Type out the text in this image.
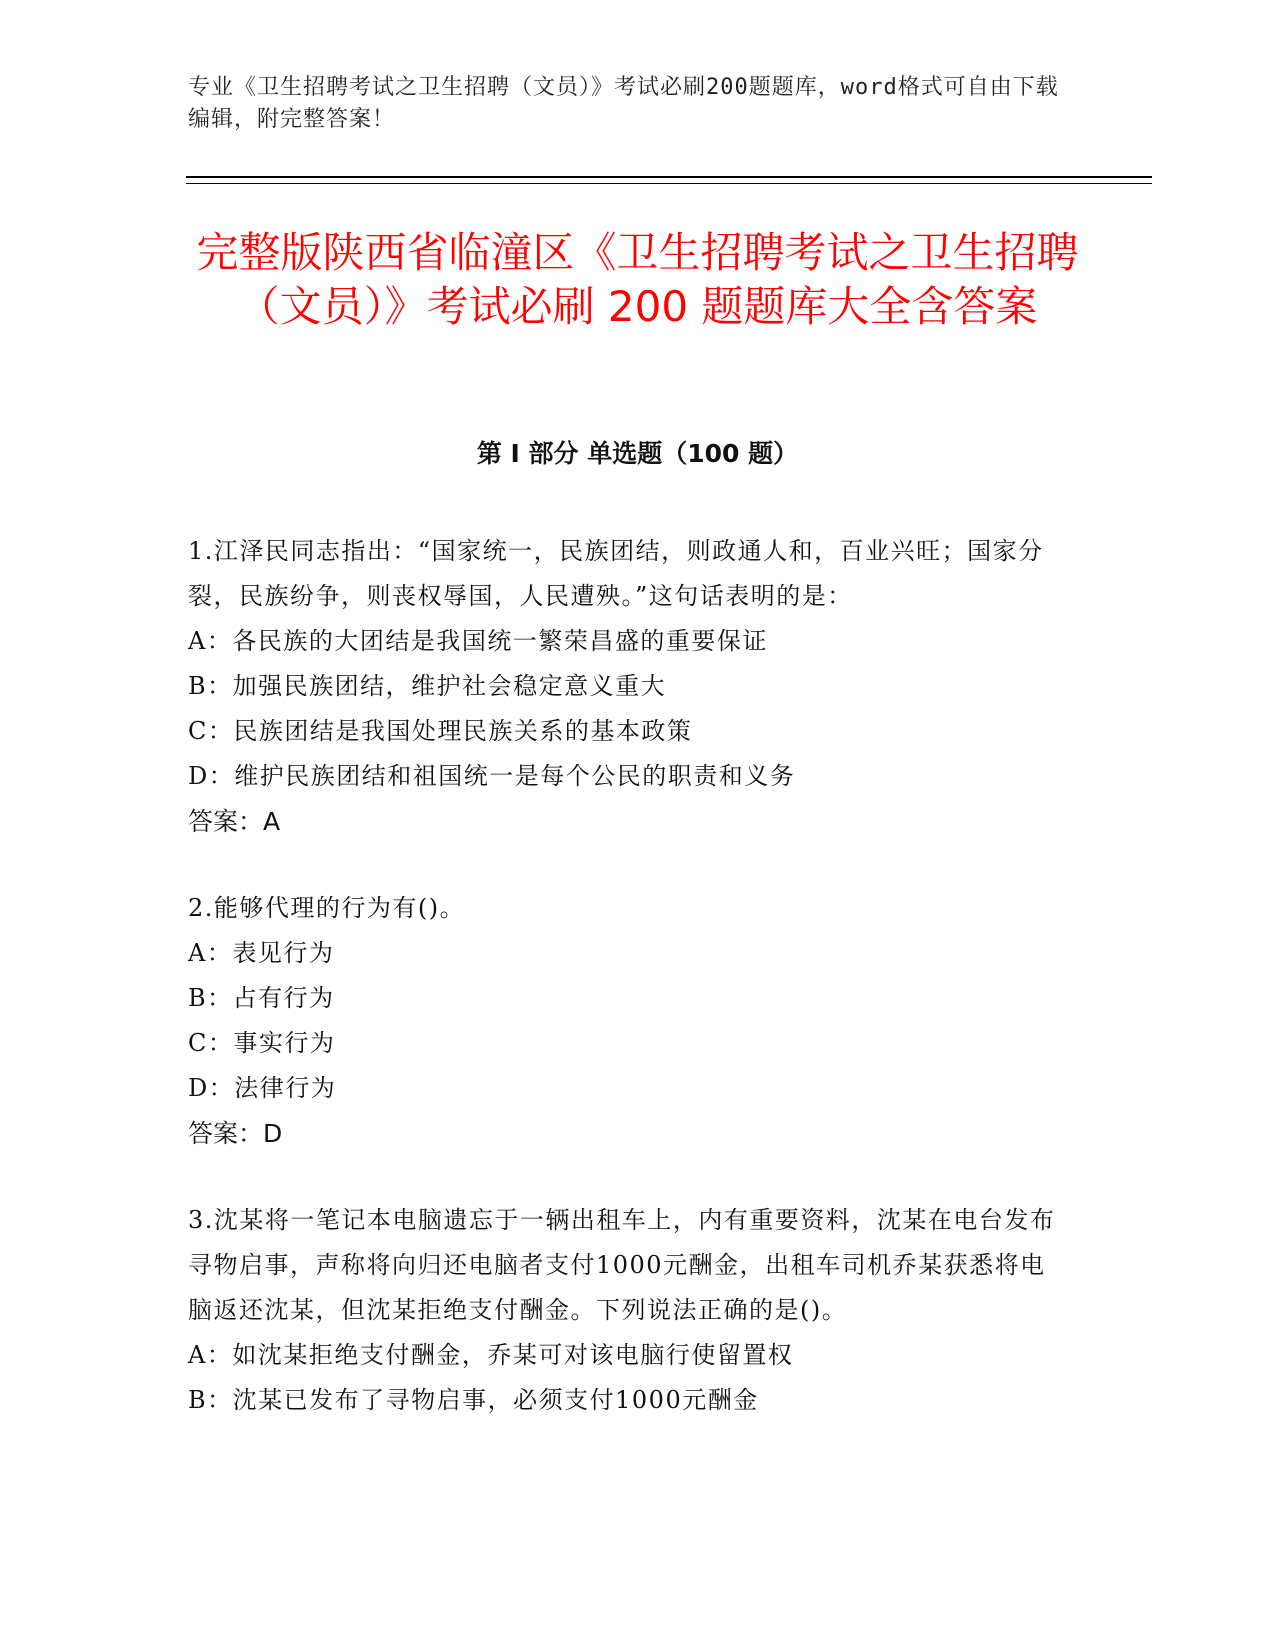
专业《卫生招聘考试之卫生招聘（文员）》考试必刷200题题库，word格式可自由下载编辑，附完整答案！
完整版陕西省临潼区《卫生招聘考试之卫生招聘（文员）》考试必刷 200 题题库大全含答案
第 I 部分 单选题（100 题）

1.江泽民同志指出：“国家统一，民族团结，则政通人和，百业兴旺；国家分裂，民族纷争，则丧权辱国，人民遭殃。”这句话表明的是：

A：各民族的大团结是我国统一繁荣昌盛的重要保证

B：加强民族团结，维护社会稳定意义重大

C：民族团结是我国处理民族关系的基本政策

D：维护民族团结和祖国统一是每个公民的职责和义务

答案：A

2.能够代理的行为有()。

A：表见行为

B：占有行为

C：事实行为

D：法律行为

答案：D

3.沈某将一笔记本电脑遗忘于一辆出租车上，内有重要资料，沈某在电台发布寻物启事，声称将向归还电脑者支付1000元酬金，出租车司机乔某获悉将电脑返还沈某，但沈某拒绝支付酬金。下列说法正确的是()。

A：如沈某拒绝支付酬金，乔某可对该电脑行使留置权

B：沈某已发布了寻物启事，必须支付1000元酬金
